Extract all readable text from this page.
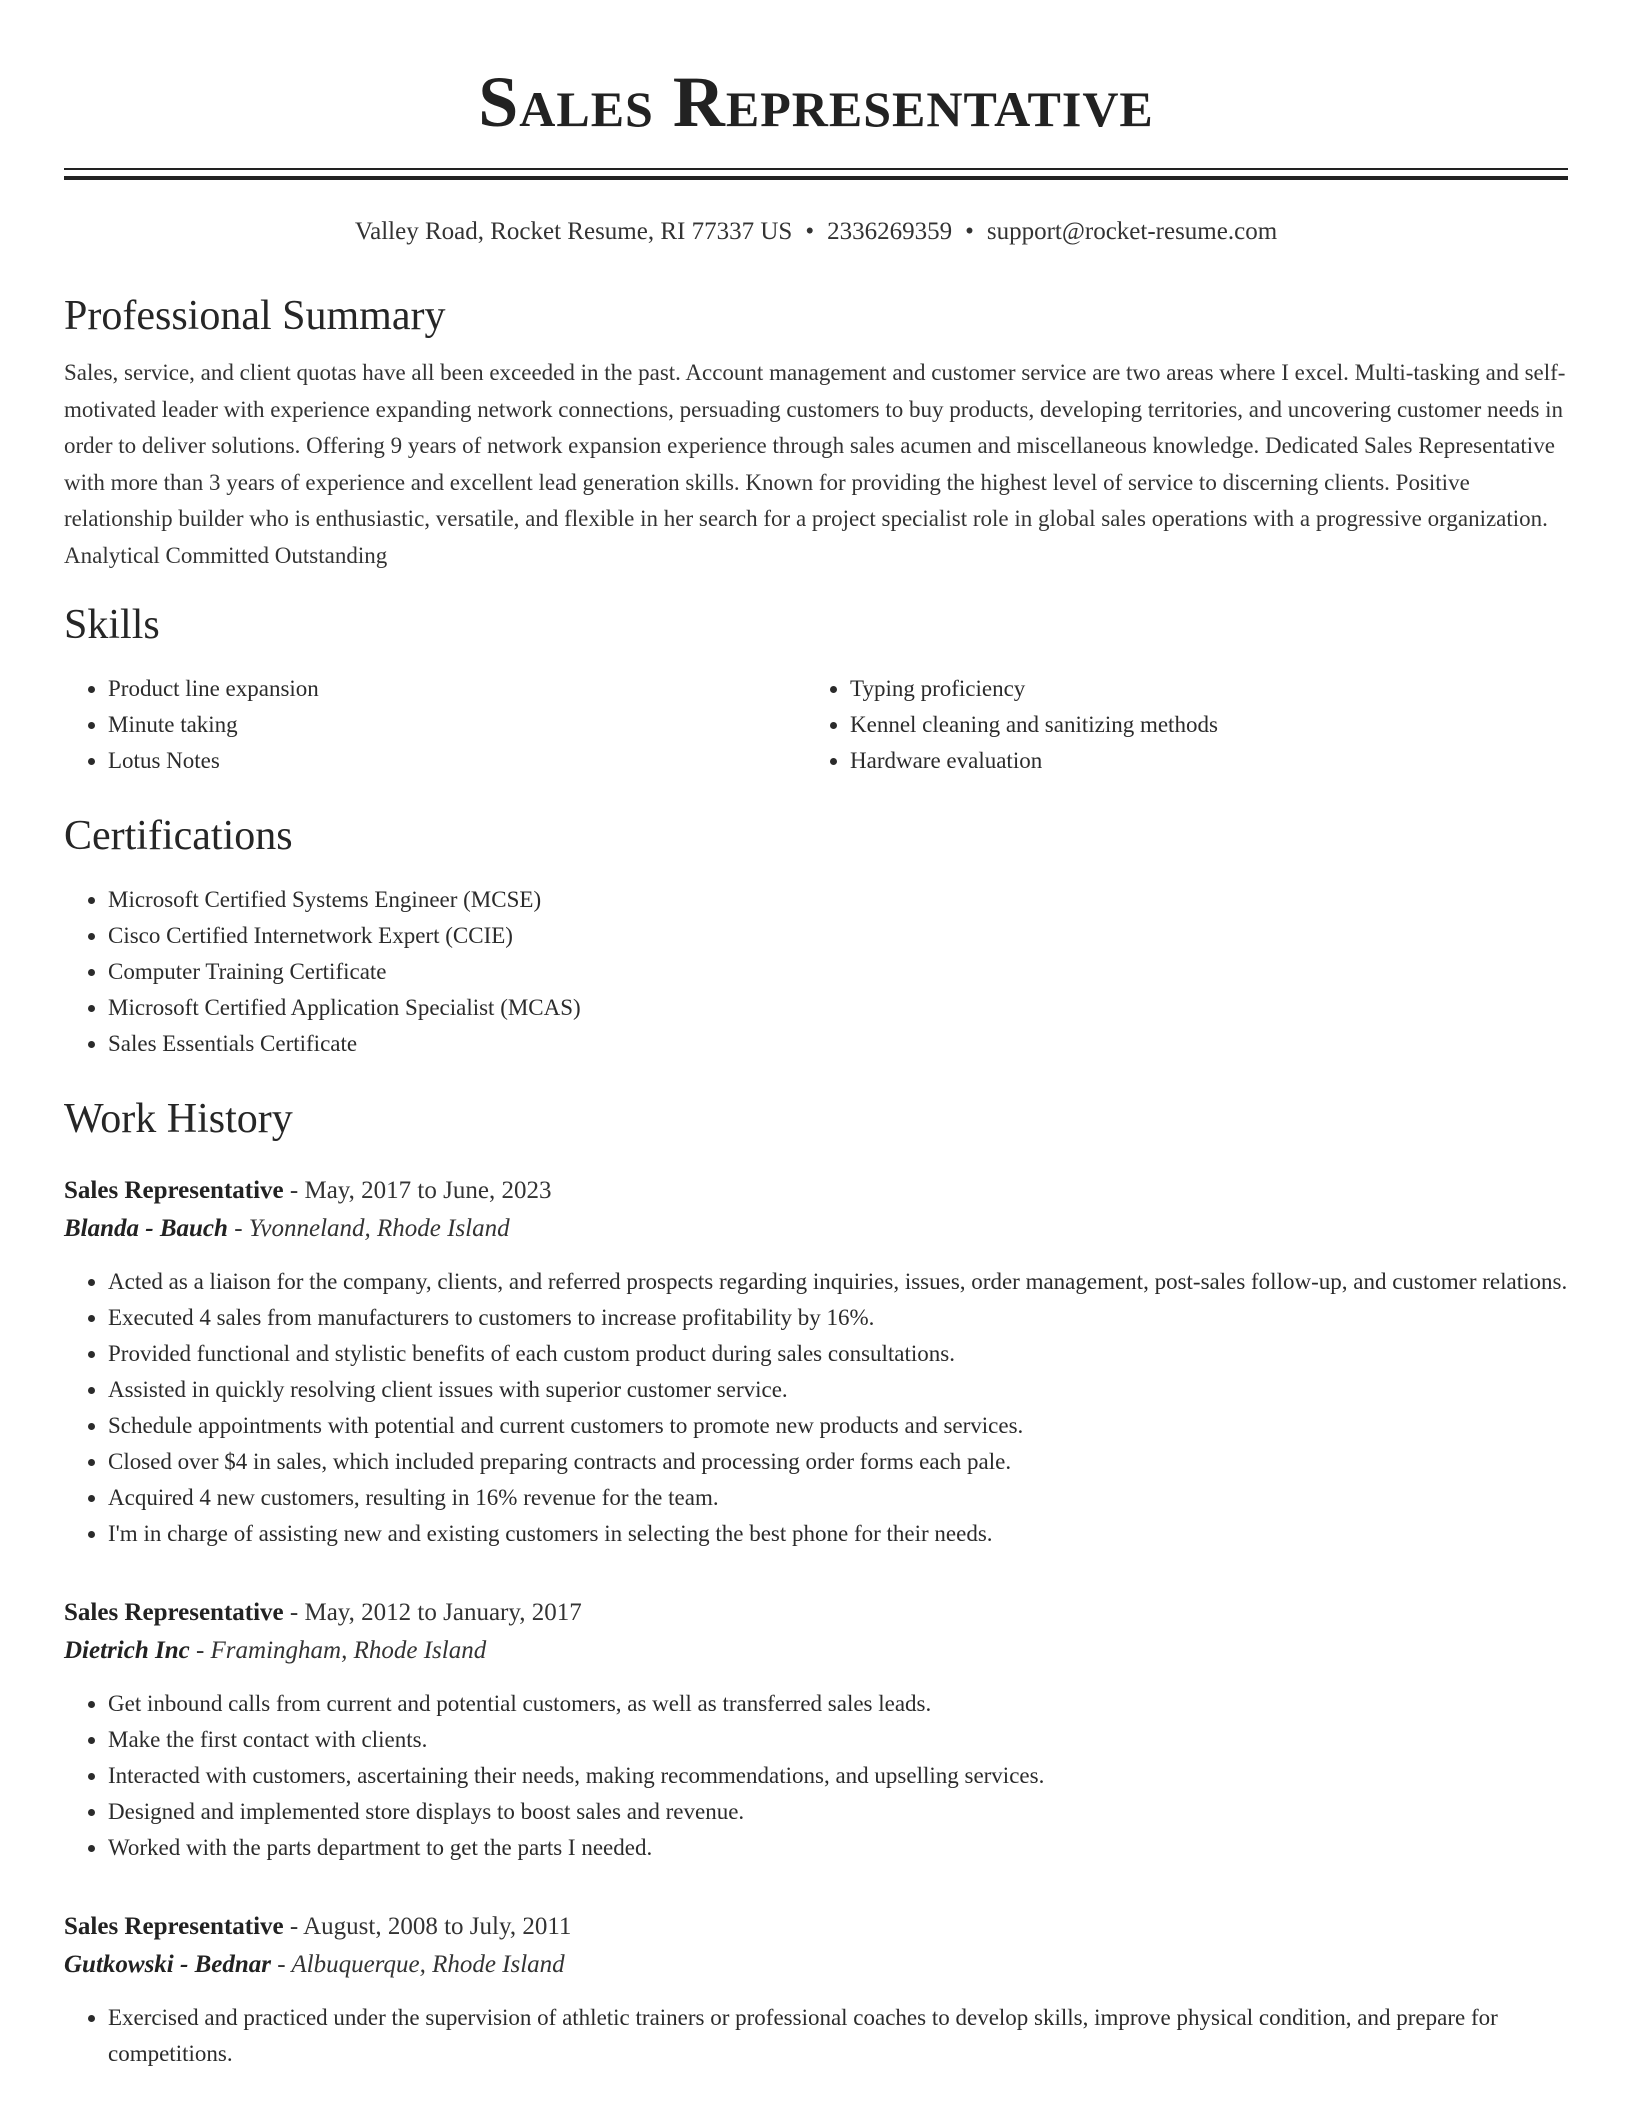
Sales Representative
Valley Road, Rocket Resume, RI 77337 US • 2336269359 • support@rocket-resume.com
Professional Summary

Sales, service, and client quotas have all been exceeded in the past. Account management and customer service are two areas where I excel. Multi-tasking and self-motivated leader with experience expanding network connections, persuading customers to buy products, developing territories, and uncovering customer needs in order to deliver solutions. Offering 9 years of network expansion experience through sales acumen and miscellaneous knowledge. Dedicated Sales Representative with more than 3 years of experience and excellent lead generation skills. Known for providing the highest level of service to discerning clients. Positive relationship builder who is enthusiastic, versatile, and flexible in her search for a project specialist role in global sales operations with a progressive organization. Analytical Committed Outstanding

Skills
• Product line expansion
• Minute taking
• Lotus Notes
• Typing proficiency
• Kennel cleaning and sanitizing methods
• Hardware evaluation
Certifications
• Microsoft Certified Systems Engineer (MCSE)
• Cisco Certified Internetwork Expert (CCIE)
• Computer Training Certificate
• Microsoft Certified Application Specialist (MCAS)
• Sales Essentials Certificate
Work History
Sales Representative - May, 2017 to June, 2023
Blanda - Bauch - Yvonneland, Rhode Island
• Acted as a liaison for the company, clients, and referred prospects regarding inquiries, issues, order management, post-sales follow-up, and customer relations.
• Executed 4 sales from manufacturers to customers to increase profitability by 16%.
• Provided functional and stylistic benefits of each custom product during sales consultations.
• Assisted in quickly resolving client issues with superior customer service.
• Schedule appointments with potential and current customers to promote new products and services.
• Closed over $4 in sales, which included preparing contracts and processing order forms each pale.
• Acquired 4 new customers, resulting in 16% revenue for the team.
• I'm in charge of assisting new and existing customers in selecting the best phone for their needs.
Sales Representative - May, 2012 to January, 2017
Dietrich Inc - Framingham, Rhode Island
• Get inbound calls from current and potential customers, as well as transferred sales leads.
• Make the first contact with clients.
• Interacted with customers, ascertaining their needs, making recommendations, and upselling services.
• Designed and implemented store displays to boost sales and revenue.
• Worked with the parts department to get the parts I needed.
Sales Representative - August, 2008 to July, 2011
Gutkowski - Bednar - Albuquerque, Rhode Island
• Exercised and practiced under the supervision of athletic trainers or professional coaches to develop skills, improve physical condition, and prepare for competitions.
